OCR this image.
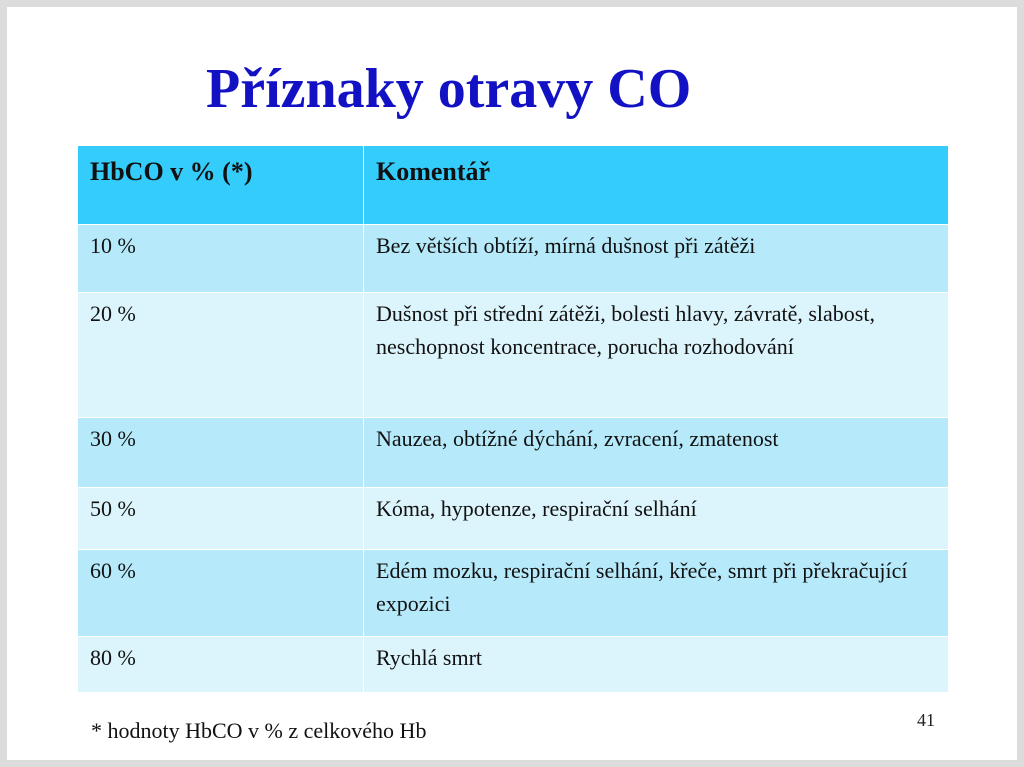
Příznaky otravy CO
HbCO v % (*)	Komentář
10 %	Bez větších obtíží, mírná dušnost při zátěži
20 %	Dušnost při střední zátěži, bolesti hlavy, závratě, slabost, neschopnost koncentrace, porucha rozhodování
30 %	Nauzea, obtížné dýchání, zvracení, zmatenost
50 %	Kóma, hypotenze, respirační selhání
60 %	Edém mozku, respirační selhání, křeče, smrt při překračující expozici
80 %	Rychlá smrt
* hodnoty HbCO v % z celkového Hb	41
